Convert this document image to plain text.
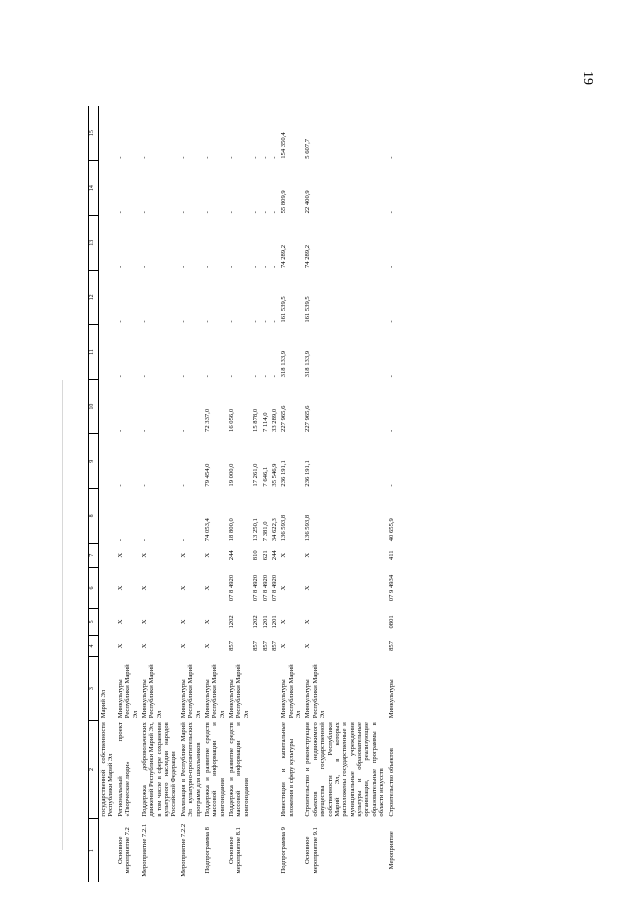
19
1	2	3	4	5	6	7	8	9	10	11	12	13	14	15
	государственной собственности Республики Марий Эл	Марий Эл												
Основное мероприятие 7.2	Региональный проект «Творческие люди»	Минкультуры Республики Марий Эл	X	X	X	X	-	-	-	-	-	-	-	-
Мероприятие 7.2.1	Поддержка добровольческих движений Республики Марий Эл, в том числе в сфере сохранения культурного наследия народов Российской Федерации	Минкультуры Республики Марий Эл	X	X	X	X	-	-	-	-	-	-	-	-
Мероприятие 7.2.2	Реализация в Республике Марий Эл культурно-просветительских программ для школьников	Минкультуры Республики Марий Эл	X	X	X	X	-	-	-	-	-	-	-	-
Подпрограмма 8	Поддержка и развитие средств массовой информации и книгоиздания	Минкультуры Республики Марий Эл	X	X	X	X	74 053,4	79 454,0	72 337,0	-	-	-	-	-
Основное мероприятие 8.1	Поддержка и развитие средств массовой информации и книгоиздания	Минкультуры Республики Марий Эл	857	1202	07 8 4920	244	18 800,0	19 000,0	16 056,0	-	-	-	-	-
			857	1202	07 8 4920	810	13 250,1	17 261,0	15 878,0	-	-	-	-	-
			857	1201	07 8 4920	621	7 381,0	7 646,1	7 114,0	-	-	-	-	-
			857	1201	07 8 4920	244	34 622,3	35 546,9	33 289,0	-	-	-	-	-
Подпрограмма 9	Инвестиции и капитальные вложения в сферу культуры	Минкультуры Республики Марий Эл	X	X	X	X	136 593,8	236 191,1	227 965,6	318 133,9	161 539,5	74 289,2	55 809,9	154 350,4
Основное мероприятие 9.1	Строительство и реконструкция объектов недвижимого имущества государственной собственности Республики Марий Эл, в которых расположены государственные и муниципальные учреждения культуры и образовательные организации, реализующие образовательные программы в области искусств	Минкультуры Республики Марий Эл	X	X	X	X	136 593,8	236 191,1	227 965,6	318 133,9	161 539,5	74 289,2	22 400,9	5 607,7
Мероприятие	Строительство объектов	Минкультуры	857	0801	07 9 4934	411	40 655,9	-	-	-	-	-	-	-
